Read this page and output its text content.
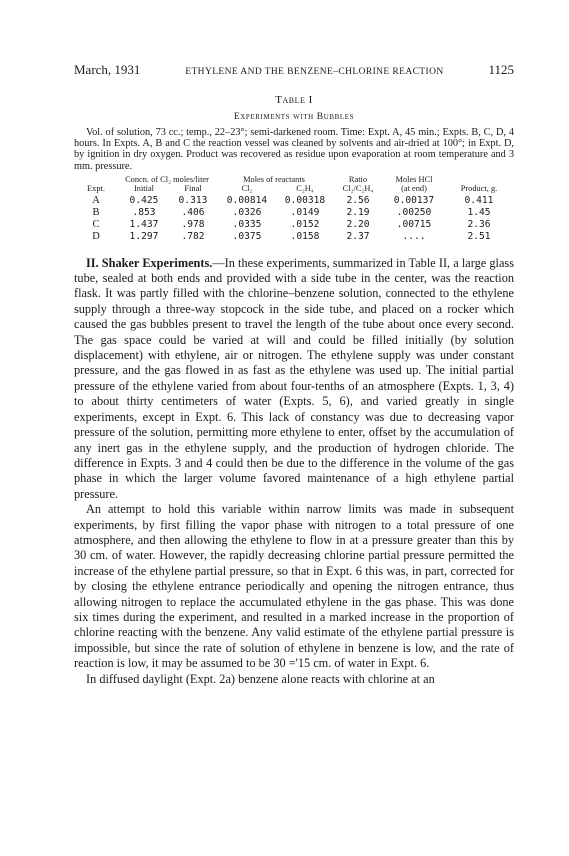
March, 1931	ETHYLENE AND THE BENZENE–CHLORINE REACTION	1125
Table I
Experiments with Bubbles
Vol. of solution, 73 cc.; temp., 22–23°; semi-darkened room. Time: Expt. A, 45 min.; Expts. B, C, D, 4 hours. In Expts. A, B and C the reaction vessel was cleaned by solvents and air-dried at 100°; in Expt. D, by ignition in dry oxygen. Product was recovered as residue upon evaporation at room temperature and 3 mm. pressure.
	Concn. of Cl₂ moles/liter		Moles of reactants		Ratio	Moles HCl	
Expt.	Initial	Final	Cl₂	C₂H₄	Cl₂/C₂H₄	(at end)	Product, g.
A	0.425	0.313	0.00814	0.00318	2.56	0.00137	0.411
B	.853	.406	.0326	.0149	2.19	.00250	1.45
C	1.437	.978	.0335	.0152	2.20	.00715	2.36
D	1.297	.782	.0375	.0158	2.37	....	2.51

II. Shaker Experiments.—In these experiments, summarized in Table II, a large glass tube, sealed at both ends and provided with a side tube in the center, was the reaction flask. It was partly filled with the chlorine–benzene solution, connected to the ethylene supply through a three-way stopcock in the side tube, and placed on a rocker which caused the gas bubbles present to travel the length of the tube about once every second. The gas space could be varied at will and could be filled initially (by solution displacement) with ethylene, air or nitrogen. The ethylene supply was under constant pressure, and the gas flowed in as fast as the ethylene was used up. The initial partial pressure of the ethylene varied from about four-tenths of an atmosphere (Expts. 1, 3, 4) to about thirty centimeters of water (Expts. 5, 6), and varied greatly in single experiments, except in Expt. 6. This lack of constancy was due to decreasing vapor pressure of the solution, permitting more ethylene to enter, offset by the accumulation of any inert gas in the ethylene supply, and the production of hydrogen chloride. The difference in Expts. 3 and 4 could then be due to the difference in the volume of the gas phase in which the larger volume favored maintenance of a high ethylene partial pressure.

An attempt to hold this variable within narrow limits was made in subsequent experiments, by first filling the vapor phase with nitrogen to a total pressure of one atmosphere, and then allowing the ethylene to flow in at a pressure greater than this by 30 cm. of water. However, the rapidly decreasing chlorine partial pressure permitted the increase of the ethylene partial pressure, so that in Expt. 6 this was, in part, corrected for by closing the ethylene entrance periodically and opening the nitrogen entrance, thus allowing nitrogen to replace the accumulated ethylene in the gas phase. This was done six times during the experiment, and resulted in a marked increase in the proportion of chlorine reacting with the benzene. Any valid estimate of the ethylene partial pressure is impossible, but since the rate of solution of ethylene in benzene is low, and the rate of reaction is low, it may be assumed to be 30 ='15 cm. of water in Expt. 6.

In diffused daylight (Expt. 2a) benzene alone reacts with chlorine at an
